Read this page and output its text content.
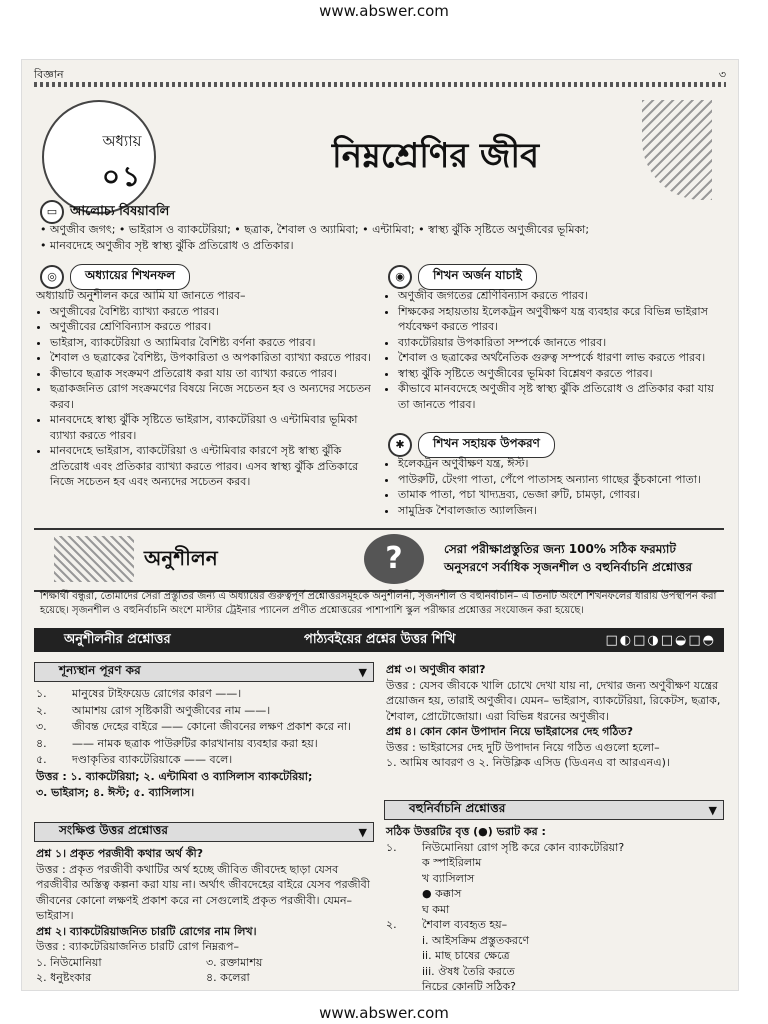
www.abswer.com
বিজ্ঞান	৩
অধ্যায়
০১
নিম্নশ্রেণির জীব
▭ আলোচ্য বিষয়াবলি
• অণুজীব জগৎ; • ভাইরাস ও ব্যাকটেরিয়া; • ছত্রাক, শৈবাল ও অ্যামিবা; • এন্টামিবা; • স্বাস্থ্য ঝুঁকি সৃষ্টিতে অণুজীবের ভূমিকা;
• মানবদেহে অণুজীব সৃষ্ট স্বাস্থ্য ঝুঁকি প্রতিরোধ ও প্রতিকার।
◎	অধ্যায়ের শিখনফল
অধ্যায়টি অনুশীলন করে আমি যা জানতে পারব–
• অণুজীবের বৈশিষ্ট্য ব্যাখ্যা করতে পারব।
• অণুজীবের শ্রেণিবিন্যাস করতে পারব।
• ভাইরাস, ব্যাকটেরিয়া ও অ্যামিবার বৈশিষ্ট্য বর্ণনা করতে পারব।
• শৈবাল ও ছত্রাকের বৈশিষ্ট্য, উপকারিতা ও অপকারিতা ব্যাখ্যা করতে পারব।
• কীভাবে ছত্রাক সংক্রমণ প্রতিরোধ করা যায় তা ব্যাখ্যা করতে পারব।
• ছত্রাকজনিত রোগ সংক্রমণের বিষয়ে নিজে সচেতন হব ও অন্যদের সচেতন করব।
• মানবদেহে স্বাস্থ্য ঝুঁকি সৃষ্টিতে ভাইরাস, ব্যাকটেরিয়া ও এন্টামিবার ভূমিকা ব্যাখ্যা করতে পারব।
• মানবদেহে ভাইরাস, ব্যাকটেরিয়া ও এন্টামিবার কারণে সৃষ্ট স্বাস্থ্য ঝুঁকি প্রতিরোধ এবং প্রতিকার ব্যাখ্যা করতে পারব। এসব স্বাস্থ্য ঝুঁকি প্রতিকারে নিজে সচেতন হব এবং অন্যদের সচেতন করব।
◉	শিখন অর্জন যাচাই
• অণুজীব জগতের শ্রেণিবিন্যাস করতে পারব।
• শিক্ষকের সহায়তায় ইলেকট্রন অণুবীক্ষণ যন্ত্র ব্যবহার করে বিভিন্ন ভাইরাস পর্যবেক্ষণ করতে পারব।
• ব্যাকটেরিয়ার উপকারিতা সম্পর্কে জানতে পারব।
• শৈবাল ও ছত্রাকের অর্থনৈতিক গুরুত্ব সম্পর্কে ধারণা লাভ করতে পারব।
• স্বাস্থ্য ঝুঁকি সৃষ্টিতে অণুজীবের ভূমিকা বিশ্লেষণ করতে পারব।
• কীভাবে মানবদেহে অণুজীব সৃষ্ট স্বাস্থ্য ঝুঁকি প্রতিরোধ ও প্রতিকার করা যায় তা জানতে পারব।
✱	শিখন সহায়ক উপকরণ
• ইলেকট্রন অণুবীক্ষণ যন্ত্র, ঈস্ট।
• পাউরুটি, টেংগা পাতা, পেঁপে পাতাসহ অন্যান্য গাছের কুঁচকানো পাতা।
• তামাক পাতা, পচা খাদ্যদ্রব্য, ভেজা রুটি, চামড়া, গোবর।
• সামুদ্রিক শৈবালজাত অ্যালজিন।
অনুশীলন	?	সেরা পরীক্ষাপ্রস্তুতির জন্য 100% সঠিক ফরম্যাট
অনুসরণে সর্বাধিক সৃজনশীল ও বহুনির্বাচনি প্রশ্নোত্তর
শিক্ষার্থী বন্ধুরা, তোমাদের সেরা প্রস্তুতির জন্য এ অধ্যায়ের গুরুত্বপূর্ণ প্রশ্নোত্তরসমূহকে অনুশীলনী, সৃজনশীল ও বহুনির্বাচনি– এ তিনটি অংশে শিখনফলের ধারায় উপস্থাপন করা হয়েছে। সৃজনশীল ও বহুনির্বাচনি অংশে মাস্টার ট্রেইনার প্যানেল প্রণীত প্রশ্নোত্তরের পাশাপাশি স্কুল পরীক্ষার প্রশ্নোত্তর সংযোজন করা হয়েছে।
অনুশীলনীর প্রশ্নোত্তর	পাঠ্যবইয়ের প্রশ্নের উত্তর শিখি	□◐□◑□◒□◓
শূন্যস্থান পূরণ কর	▼
১.	মানুষের টাইফয়েড রোগের কারণ ——।
২.	আমাশয় রোগ সৃষ্টিকারী অণুজীবের নাম ——।
৩.	জীবন্ত দেহের বাইরে —— কোনো জীবনের লক্ষণ প্রকাশ করে না।
৪.	—— নামক ছত্রাক পাউরুটির কারখানায় ব্যবহার করা হয়।
৫.	দণ্ডাকৃতির ব্যাকটেরিয়াকে —— বলে।
উত্তর : ১. ব্যাকটেরিয়া; ২. এন্টামিবা ও ব্যাসিলাস ব্যাকটেরিয়া;
৩. ভাইরাস; ৪. ঈস্ট; ৫. ব্যাসিলাস।
সংক্ষিপ্ত উত্তর প্রশ্নোত্তর	▼
প্রশ্ন ১। প্রকৃত পরজীবী কথার অর্থ কী?
উত্তর : প্রকৃত পরজীবী কথাটির অর্থ হচ্ছে জীবিত জীবদেহ ছাড়া যেসব পরজীবীর অস্তিত্ব কল্পনা করা যায় না। অর্থাৎ জীবদেহের বাইরে যেসব পরজীবী জীবনের কোনো লক্ষণই প্রকাশ করে না সেগুলোই প্রকৃত পরজীবী। যেমন– ভাইরাস।
প্রশ্ন ২। ব্যাকটেরিয়াজনিত চারটি রোগের নাম লিখ।
উত্তর : ব্যাকটেরিয়াজনিত চারটি রোগ নিম্নরূপ–
১. নিউমোনিয়া	৩. রক্তামাশয়
২. ধনুষ্টংকার	৪. কলেরা
প্রশ্ন ৩। অণুজীব কারা?
উত্তর : যেসব জীবকে খালি চোখে দেখা যায় না, দেখার জন্য অণুবীক্ষণ যন্ত্রের প্রয়োজন হয়, তারাই অণুজীব। যেমন– ভাইরাস, ব্যাকটেরিয়া, রিকেটস, ছত্রাক, শৈবাল, প্রোটোজোয়া। এরা বিভিন্ন ধরনের অণুজীব।
প্রশ্ন ৪। কোন কোন উপাদান নিয়ে ভাইরাসের দেহ গঠিত?
উত্তর : ভাইরাসের দেহ দুটি উপাদান নিয়ে গঠিত এগুলো হলো–
১. আমিষ আবরণ ও ২. নিউক্লিক এসিড (ডিএনএ বা আরএনএ)।
বহুনির্বাচনি প্রশ্নোত্তর	▼
সঠিক উত্তরটির বৃত্ত (●) ভরাট কর :
১.	নিউমোনিয়া রোগ সৃষ্টি করে কোন ব্যাকটেরিয়া?
ক স্পাইরিলাম
খ ব্যাসিলাস
● কক্কাস
ঘ কমা
২.	শৈবাল ব্যবহৃত হয়–
i. আইসক্রিম প্রস্তুতকরণে
ii. মাছ চাষের ক্ষেত্রে
iii. ঔষধ তৈরি করতে
নিচের কোনটি সঠিক?
www.abswer.com
